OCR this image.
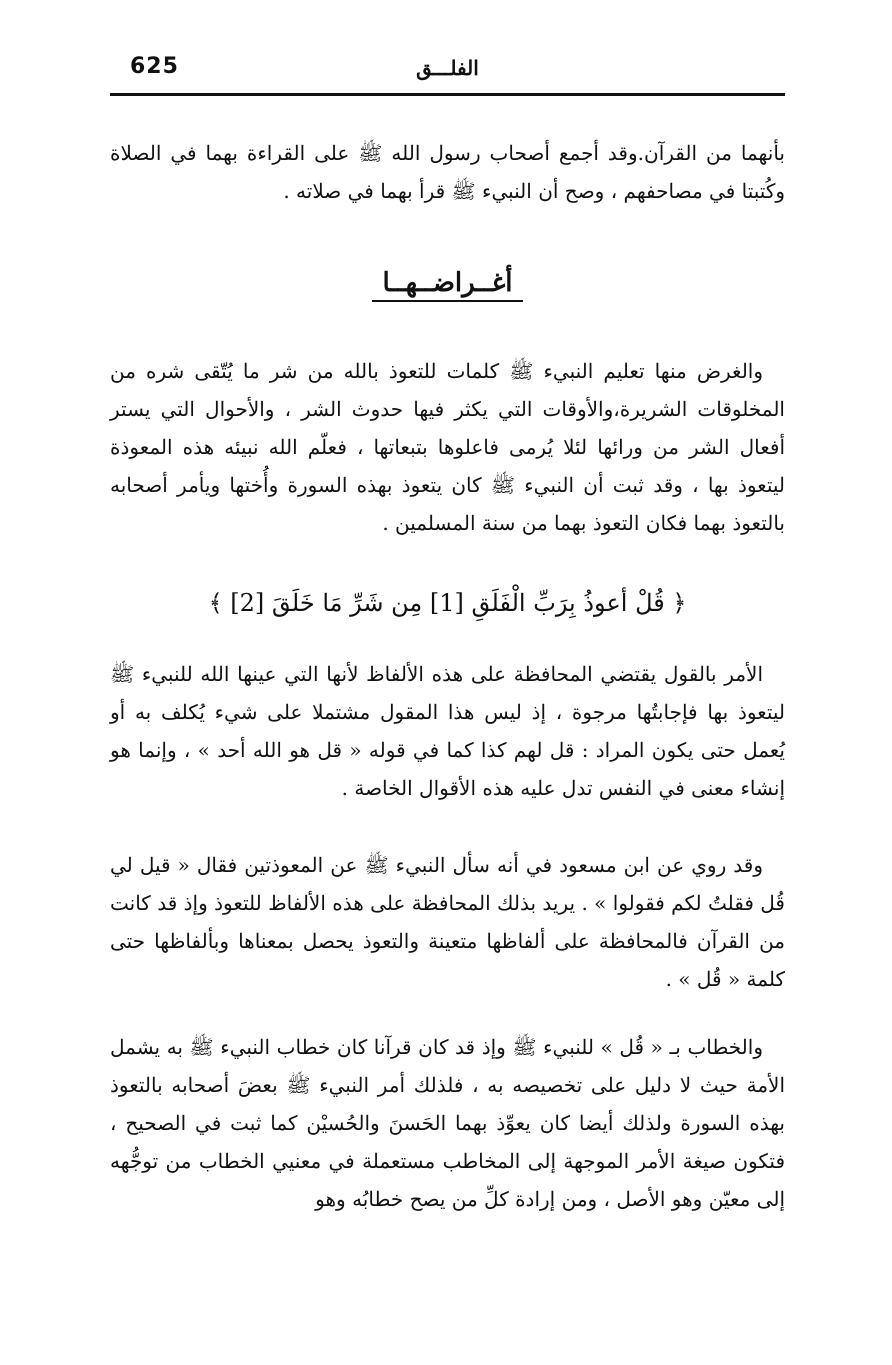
625	الفلـــق
بأنهما من القرآن.وقد أجمع أصحاب رسول الله ﷺ على القراءة بهما في الصلاة وكُتبتا في مصاحفهم ، وصح أن النبيء ﷺ قرأ بهما في صلاته .
أغــراضــهــا
والغرض منها تعليم النبيء ﷺ كلمات للتعوذ بالله من شر ما يُتّقى شره من المخلوقات الشريرة،والأوقات التي يكثر فيها حدوث الشر ، والأحوال التي يستر أفعال الشر من ورائها لئلا يُرمى فاعلوها بتبعاتها ، فعلّم الله نبيئه هذه المعوذة ليتعوذ بها ، وقد ثبت أن النبيء ﷺ كان يتعوذ بهذه السورة وأُختها ويأمر أصحابه بالتعوذ بهما فكان التعوذ بهما من سنة المسلمين .
﴿ قُلْ أعوذُ بِرَبِّ الْفَلَقِ [1] مِن شَرِّ مَا خَلَقَ [2] ﴾
الأمر بالقول يقتضي المحافظة على هذه الألفاظ لأنها التي عينها الله للنبيء ﷺ ليتعوذ بها فإجابتُها مرجوة ، إذ ليس هذا المقول مشتملا على شيء يُكلف به أو يُعمل حتى يكون المراد : قل لهم كذا كما في قوله « قل هو الله أحد » ، وإنما هو إنشاء معنى في النفس تدل عليه هذه الأقوال الخاصة .
وقد روي عن ابن مسعود في أنه سأل النبيء ﷺ عن المعوذتين فقال « قيل لي قُل فقلتُ لكم فقولوا » . يريد بذلك المحافظة على هذه الألفاظ للتعوذ وإذ قد كانت من القرآن فالمحافظة على ألفاظها متعينة والتعوذ يحصل بمعناها وبألفاظها حتى كلمة « قُل » .
والخطاب بـ « قُل » للنبيء ﷺ وإذ قد كان قرآنا كان خطاب النبيء ﷺ به يشمل الأمة حيث لا دليل على تخصيصه به ، فلذلك أمر النبيء ﷺ بعضَ أصحابه بالتعوذ بهذه السورة ولذلك أيضا كان يعوِّذ بهما الحَسنَ والحُسيْن كما ثبت في الصحيح ، فتكون صيغة الأمر الموجهة إلى المخاطب مستعملة في معنيي الخطاب من توجُّهه إلى معيّن وهو الأصل ، ومن إرادة كلِّ من يصح خطابُه وهو
